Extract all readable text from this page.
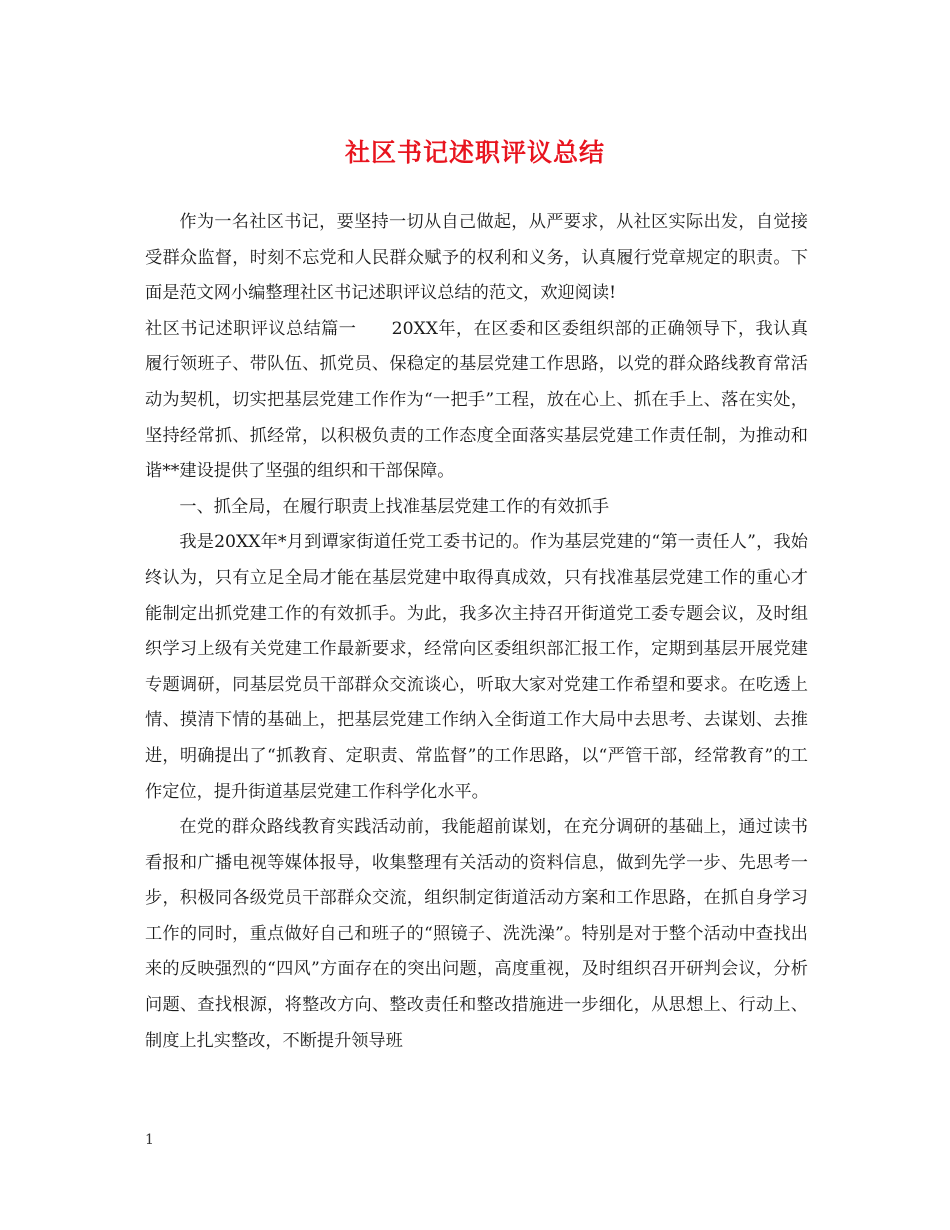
社区书记述职评议总结

作为一名社区书记，要坚持一切从自己做起，从严要求，从社区实际出发，自觉接受群众监督，时刻不忘党和人民群众赋予的权利和义务，认真履行党章规定的职责。下面是范文网小编整理社区书记述职评议总结的范文，欢迎阅读!

社区书记述职评议总结篇一　　20XX年，在区委和区委组织部的正确领导下，我认真履行领班子、带队伍、抓党员、保稳定的基层党建工作思路，以党的群众路线教育常活动为契机，切实把基层党建工作作为“一把手”工程，放在心上、抓在手上、落在实处，坚持经常抓、抓经常，以积极负责的工作态度全面落实基层党建工作责任制，为推动和谐**建设提供了坚强的组织和干部保障。

一、抓全局，在履行职责上找准基层党建工作的有效抓手

我是20XX年*月到谭家街道任党工委书记的。作为基层党建的“第一责任人”，我始终认为，只有立足全局才能在基层党建中取得真成效，只有找准基层党建工作的重心才能制定出抓党建工作的有效抓手。为此，我多次主持召开街道党工委专题会议，及时组织学习上级有关党建工作最新要求，经常向区委组织部汇报工作，定期到基层开展党建专题调研，同基层党员干部群众交流谈心，听取大家对党建工作希望和要求。在吃透上情、摸清下情的基础上，把基层党建工作纳入全街道工作大局中去思考、去谋划、去推进，明确提出了“抓教育、定职责、常监督”的工作思路，以“严管干部，经常教育”的工作定位，提升街道基层党建工作科学化水平。

在党的群众路线教育实践活动前，我能超前谋划，在充分调研的基础上，通过读书看报和广播电视等媒体报导，收集整理有关活动的资料信息，做到先学一步、先思考一步，积极同各级党员干部群众交流，组织制定街道活动方案和工作思路，在抓自身学习工作的同时，重点做好自己和班子的“照镜子、洗洗澡”。特别是对于整个活动中查找出来的反映强烈的“四风”方面存在的突出问题，高度重视，及时组织召开研判会议，分析问题、查找根源，将整改方向、整改责任和整改措施进一步细化，从思想上、行动上、制度上扎实整改，不断提升领导班

1
